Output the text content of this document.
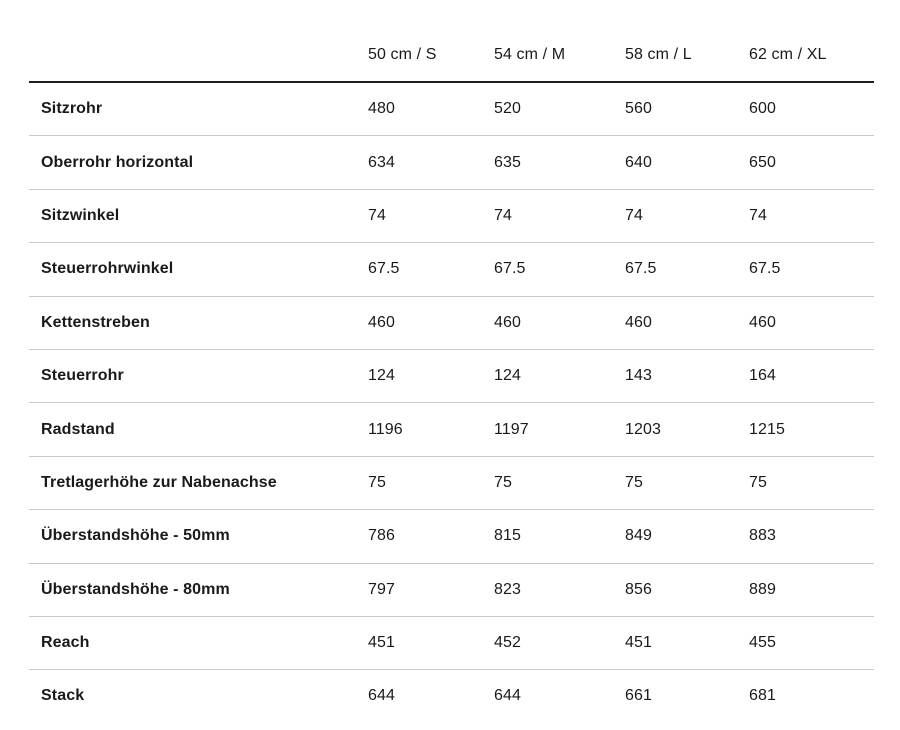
	50 cm / S	54 cm / M	58 cm / L	62 cm / XL
Sitzrohr	480	520	560	600
Oberrohr horizontal	634	635	640	650
Sitzwinkel	74	74	74	74
Steuerrohrwinkel	67.5	67.5	67.5	67.5
Kettenstreben	460	460	460	460
Steuerrohr	124	124	143	164
Radstand	1196	1197	1203	1215
Tretlagerhöhe zur Nabenachse	75	75	75	75
Überstandshöhe - 50mm	786	815	849	883
Überstandshöhe - 80mm	797	823	856	889
Reach	451	452	451	455
Stack	644	644	661	681
